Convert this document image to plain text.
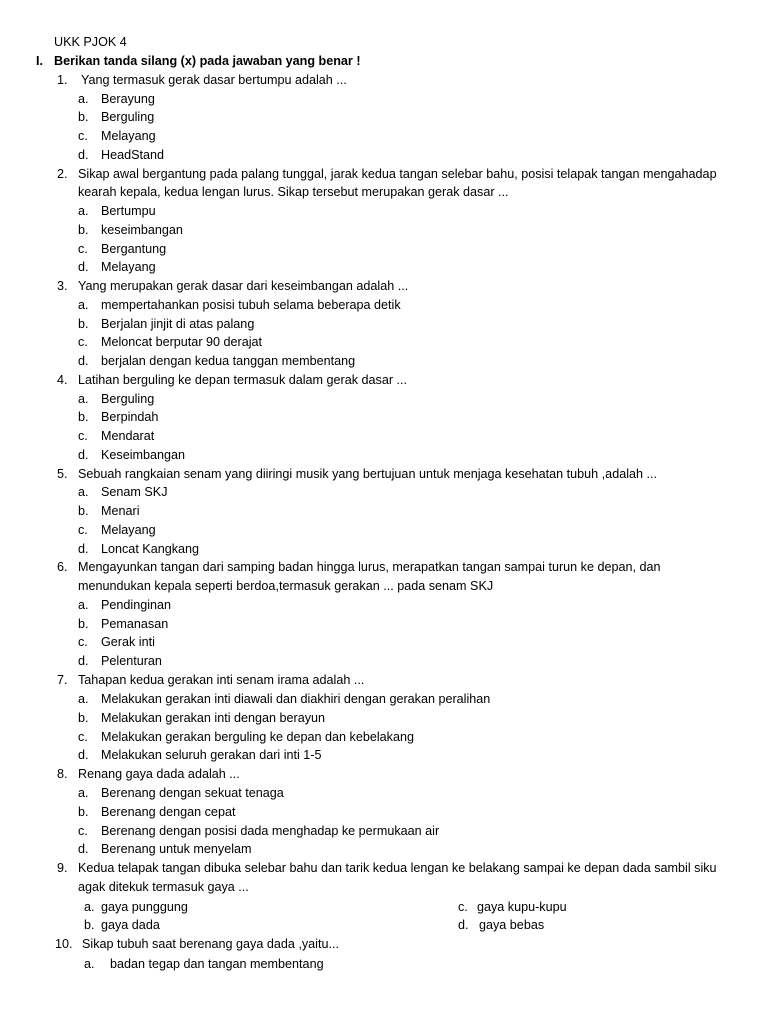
UKK PJOK 4
I. Berikan tanda silang (x) pada jawaban yang benar !
1. Yang termasuk gerak dasar bertumpu adalah ...
a. Berayung
b. Berguling
c. Melayang
d. HeadStand
2. Sikap awal bergantung pada palang tunggal, jarak kedua tangan selebar bahu, posisi telapak tangan mengahadap
kearah kepala, kedua lengan lurus. Sikap tersebut merupakan gerak dasar ...
a. Bertumpu
b. keseimbangan
c. Bergantung
d. Melayang
3. Yang merupakan gerak dasar dari keseimbangan adalah ...
a. mempertahankan posisi tubuh selama beberapa detik
b. Berjalan jinjit di atas palang
c. Meloncat berputar 90 derajat
d. berjalan dengan kedua tanggan membentang
4. Latihan berguling ke depan termasuk dalam gerak dasar ...
a. Berguling
b. Berpindah
c. Mendarat
d. Keseimbangan
5. Sebuah rangkaian senam yang diiringi musik yang bertujuan untuk menjaga kesehatan tubuh ,adalah ...
a. Senam SKJ
b. Menari
c. Melayang
d. Loncat Kangkang
6. Mengayunkan tangan dari samping badan hingga lurus, merapatkan tangan sampai turun ke depan, dan
menundukan kepala seperti berdoa,termasuk gerakan ... pada senam SKJ
a. Pendinginan
b. Pemanasan
c. Gerak inti
d. Pelenturan
7. Tahapan kedua gerakan inti senam irama adalah ...
a. Melakukan gerakan inti diawali dan diakhiri dengan gerakan peralihan
b. Melakukan gerakan inti dengan berayun
c. Melakukan gerakan berguling ke depan dan kebelakang
d. Melakukan seluruh gerakan dari inti 1-5
8. Renang gaya dada adalah ...
a. Berenang dengan sekuat tenaga
b. Berenang dengan cepat
c. Berenang dengan posisi dada menghadap ke permukaan air
d. Berenang untuk menyelam
9. Kedua telapak tangan dibuka selebar bahu dan tarik kedua lengan ke belakang sampai ke depan dada sambil siku
agak ditekuk termasuk gaya ...
a. gaya punggung
b. gaya dada
c. gaya kupu-kupu
d. gaya bebas
10. Sikap tubuh saat berenang gaya dada ,yaitu...
a. badan tegap dan tangan membentang
